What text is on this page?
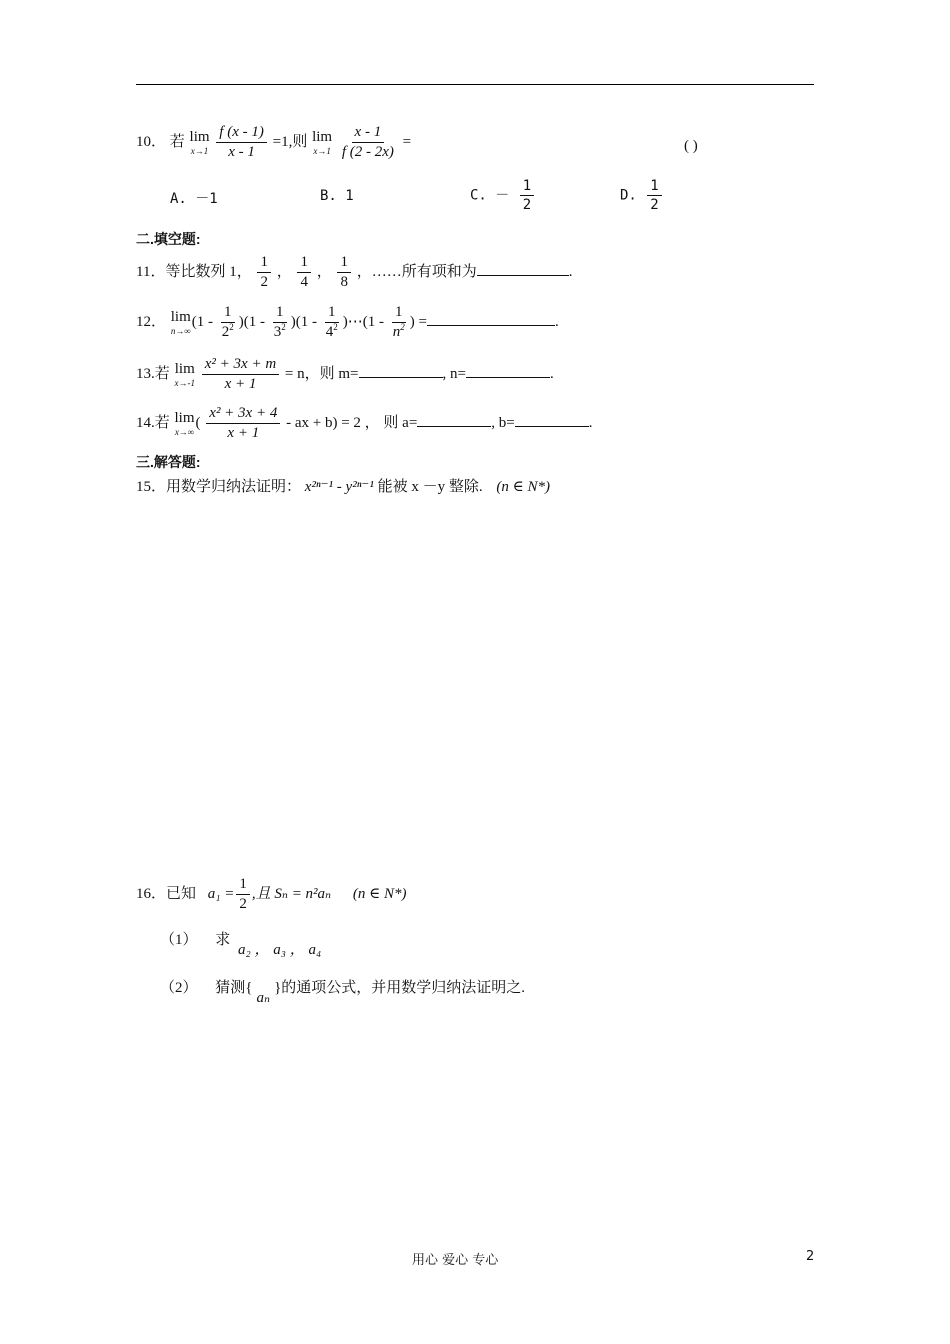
10． 若 lim
x→1
$\frac{f (x - 1)}{x - 1} =1$,则 lim
x→1
$\frac{x - 1}{f (2 - 2x)}$ =	( )
A. －1	B. 1	C. － $\frac{1}{2}$	D. $\frac{1}{2}$
二.填空题:
11．等比数列 1， $\frac{1}{2}$ ， $\frac{1}{4}$ ， $\frac{1}{8}$ ，……所有项和为	.
12． lim
n→∞
$(1 - \frac{1}{2^2} )(1 - \frac{1}{3^2} )(1 - \frac{1}{4^2}$ )⋯(1 - $\frac{1}{n^2}$ ) =	.
13.若 lim
x→-1
$\frac{\text{x² + 3x + m}}{x + 1} = n$，则 m=	, n=	.
14.若 lim
x→∞
( $\frac{\text{x² + 3x + 4}}{x + 1}$ - ax + b) = 2 ， 则 a=	, b=	.
三.解答题:
15．用数学归纳法证明： x²ⁿ⁻¹ - y²ⁿ⁻¹ 能被 x －y 整除. (n ∈ N*)
16．已知 $a_1 = \frac{1}{2}$ ,且 Sₙ = n²aₙ (n ∈ N*)
（1） 求 a₂ ， a₃ ， a₄
（2） 猜测{aₙ}的通项公式，并用数学归纳法证明之.
用心 爱心 专心	2
